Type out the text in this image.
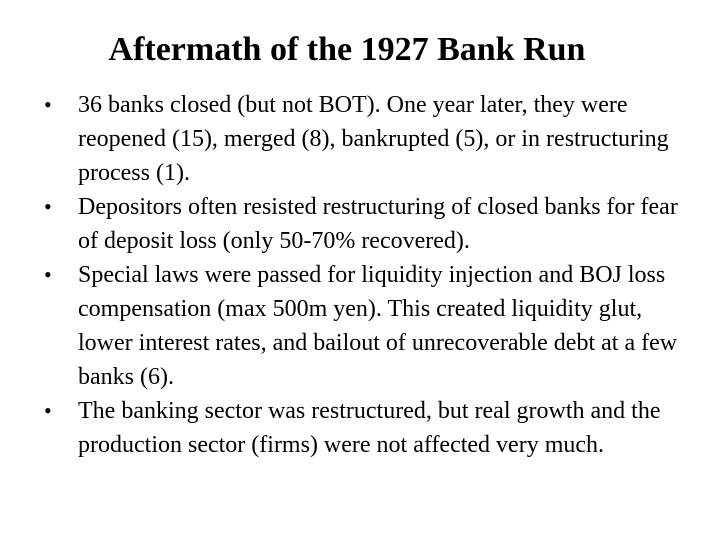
Aftermath of the 1927 Bank Run
•	36 banks closed (but not BOT). One year later, they were reopened (15), merged (8), bankrupted (5), or in restructuring process (1).
•	Depositors often resisted restructuring of closed banks for fear of deposit loss (only 50-70% recovered).
•	Special laws were passed for liquidity injection and BOJ loss compensation (max 500m yen). This created liquidity glut, lower interest rates, and bailout of unrecoverable debt at a few banks (6).
•	The banking sector was restructured, but real growth and the production sector (firms) were not affected very much.
